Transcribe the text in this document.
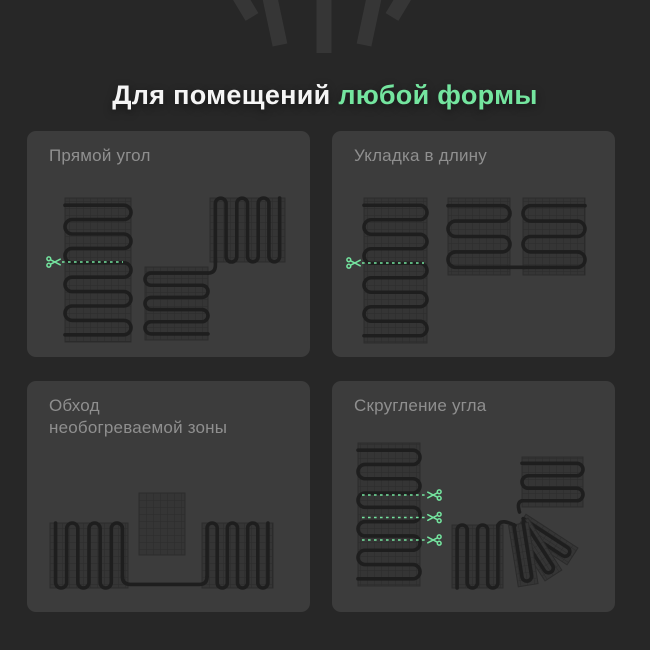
Для помещений любой формы
Прямой угол	Укладка в длину
Обход необогреваемой зоны
Скругление угла
